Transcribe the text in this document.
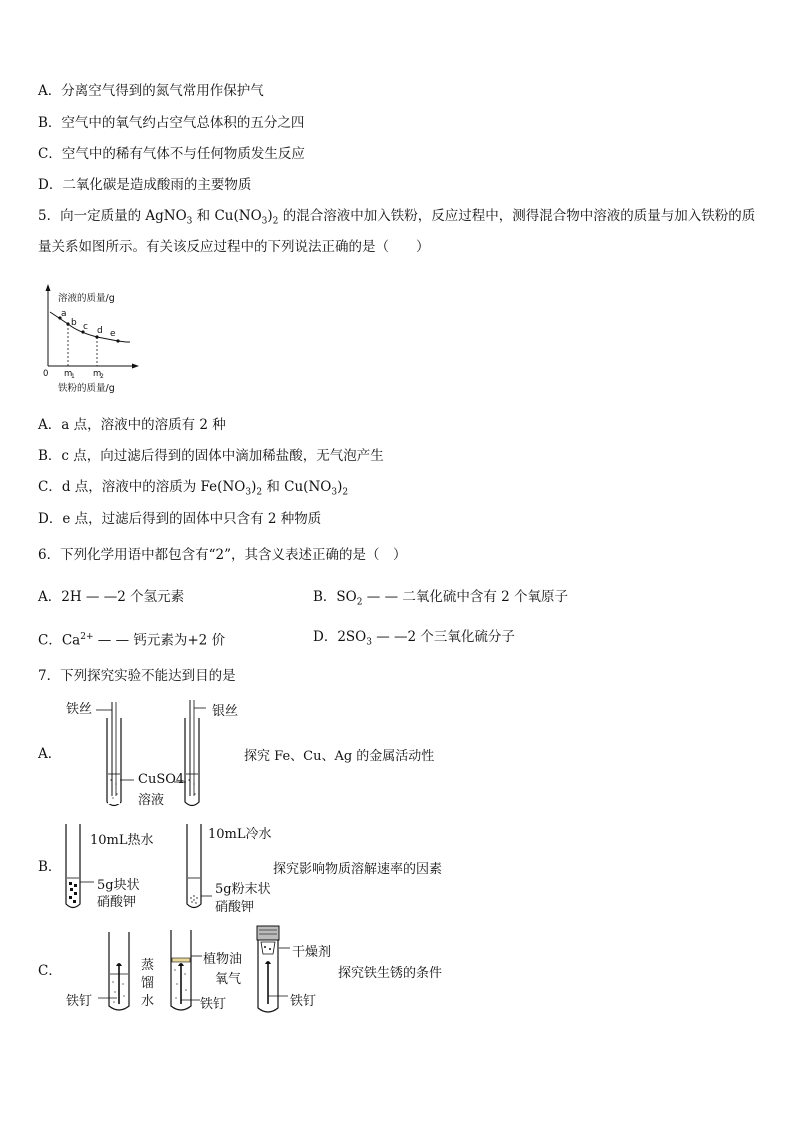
A．分离空气得到的氮气常用作保护气
B．空气中的氧气约占空气总体积的五分之四
C．空气中的稀有气体不与任何物质发生反应
D．二氧化碳是造成酸雨的主要物质
5．向一定质量的 AgNO$_3$ 和 $Cu(NO_3)_2$ 的混合溶液中加入铁粉，反应过程中，测得混合物中溶液的质量与加入铁粉的质
量关系如图所示。有关该反应过程中的下列说法正确的是（　　）
溶液的质量/g
a
b c d e
0 m
1 m
2
铁粉的质量/g
A．a 点，溶液中的溶质有 2 种
B．c 点，向过滤后得到的固体中滴加稀盐酸，无气泡产生
C．d 点，溶液中的溶质为 $Fe(NO_3)_2$ 和 $Cu(NO_3)_2$
D．e 点，过滤后得到的固体中只含有 2 种物质
6．下列化学用语中都包含有“2”，其含义表述正确的是（　）
A．2H — —2 个氢元素	B．$SO_2$ — — 二氧化硫中含有 2 个氧原子
C．$Ca^{2+}$ — — 钙元素为+2 价	D．$2SO_3$ — —2 个三氧化硫分子
7．下列探究实验不能达到目的是
A．
铁丝	银丝
CuSO4
溶液
探究 Fe、Cu、Ag 的金属活动性
B．
10mL热水	10mL冷水
5g块状
硝酸钾
5g粉末状
硝酸钾
探究影响物质溶解速率的因素
C．	蒸
馏
水
铁钉
植物油
铁钉
氧气
干燥剂
铁钉
探究铁生锈的条件
